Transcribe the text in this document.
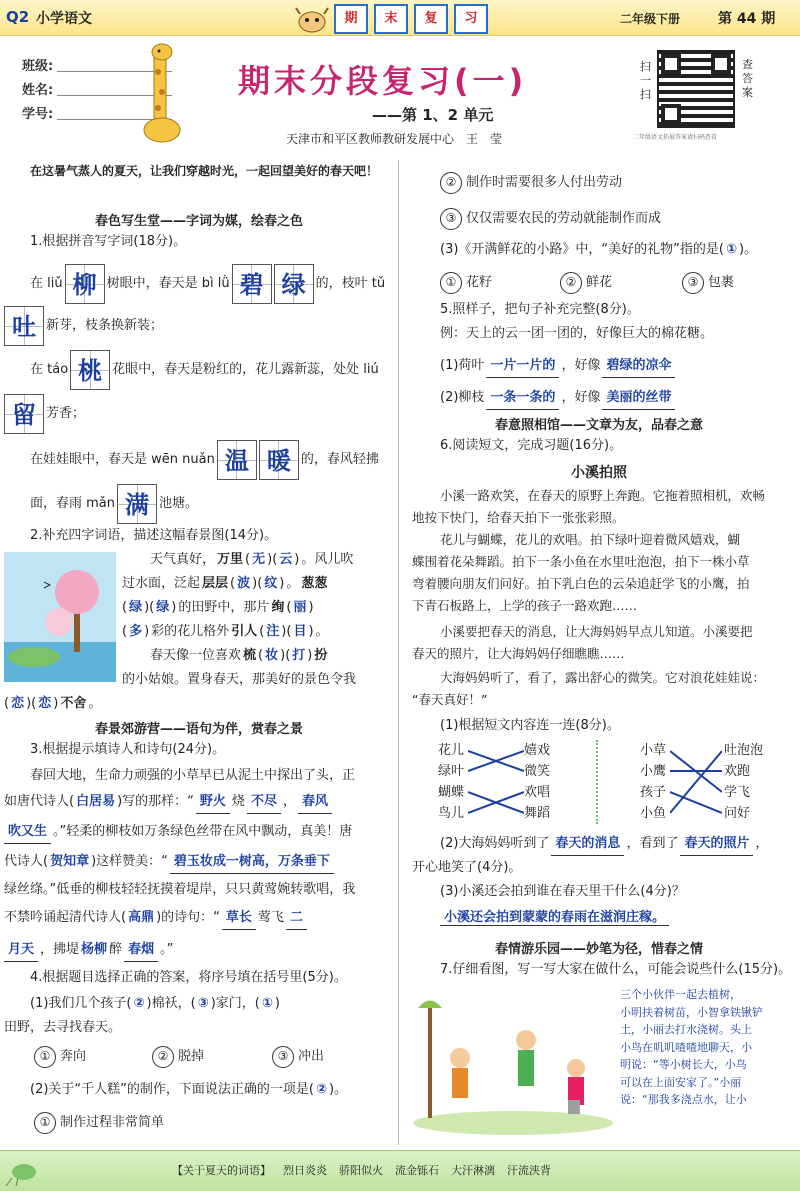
Q2 小学语文	期	末	复	习	二年级下册	第 44 期
班级:
姓名:
学号:
期末分段复习(一)
——第 1、2 单元
天津市和平区教师教研发展中心　王　莹
扫一扫
查答案
二年级语文拓展答案请扫码查看
在这暑气蒸人的夏天，让我们穿越时光，一起回望美好的春天吧！
春色写生堂——字词为媒，绘春之色
1.根据拼音写字词(18分)。
在 liǔ 柳 树眼中，春天是 bì lǜ 碧 绿 的，枝叶 tǔ
吐 新芽，枝条换新装；
在 táo 桃 花眼中，春天是粉红的，花儿露新蕊，处处 liú
留 芳香；
在娃娃眼中，春天是 wēn nuǎn 温 暖 的，春风轻拂
面，春雨 mǎn 满 池塘。
2.补充四字词语，描述这幅春景图(14分)。
天气真好， 万里 ( 无 )( 云 ) 。风儿吹
过水面，泛起 层层 ( 波 )( 纹 ) 。 葱葱
( 绿 )( 绿 ) 的田野中，那片 绚 ( 丽 )
( 多 ) 彩的花儿格外 引人 ( 注 )( 目 ) 。
春天像一位喜欢 梳 ( 妆 )( 打 ) 扮
的小姑娘。置身春天，那美好的景色令我
( 恋 )( 恋 ) 不舍 。
春景郊游营——语句为伴，赏春之景
3.根据提示填诗人和诗句(24分)。
春回大地，生命力顽强的小草早已从泥土中探出了头，正
如唐代诗人( 白居易 )写的那样：“ 野火 烧 不尽 ， 春风
吹又生 。”轻柔的柳枝如万条绿色丝带在风中飘动，真美！唐
代诗人( 贺知章 )这样赞美：“ 碧玉妆成一树高，万条垂下
绿丝绦。”低垂的柳枝轻轻抚摸着堤岸，只只黄莺婉转歌唱，我
不禁吟诵起清代诗人( 高鼎 )的诗句：“ 草长 莺飞 二
月天 ，拂堤 杨柳 醉 春烟 。”
4.根据题目选择正确的答案，将序号填在括号里(5分)。
(1)我们几个孩子( ② )棉袄，( ③ )家门，( ① )
田野，去寻找春天。
① 奔向	② 脱掉	③ 冲出
(2)关于“千人糕”的制作，下面说法正确的一项是( ② )。
① 制作过程非常简单
② 制作时需要很多人付出劳动
③ 仅仅需要农民的劳动就能制作而成
(3)《开满鲜花的小路》中，“美好的礼物”指的是( ① )。
① 花籽	② 鲜花	③ 包裹
5.照样子，把句子补充完整(8分)。
例：天上的云一团一团的，好像巨大的棉花糖。
(1)荷叶 一片一片的 ，好像 碧绿的凉伞
(2)柳枝 一条一条的 ，好像 美丽的丝带
春意照相馆——文章为友，品春之意
6.阅读短文，完成习题(16分)。
小溪拍照
小溪一路欢笑，在春天的原野上奔跑。它拖着照相机，欢畅
地按下快门，给春天拍下一张张彩照。
花儿与蝴蝶，花儿的欢唱。拍下绿叶迎着微风嬉戏，蝴
蝶围着花朵舞蹈。拍下一条小鱼在水里吐泡泡，拍下一株小草
弯着腰向朋友们问好。拍下乳白色的云朵追赶学飞的小鹰，拍
下青石板路上，上学的孩子一路欢跑……
小溪要把春天的消息，让大海妈妈早点儿知道。小溪要把
春天的照片，让大海妈妈仔细瞧瞧……
大海妈妈听了，看了，露出舒心的微笑。它对浪花娃娃说：
“春天真好！”
(1)根据短文内容连一连(8分)。
花儿
绿叶
蝴蝶
鸟儿
嬉戏
微笑
欢唱
舞蹈
小草
小鹰
孩子
小鱼
吐泡泡
欢跑
学飞
问好
(2)大海妈妈听到了 春天的消息 ，看到了 春天的照片 ，
开心地笑了(4分)。
(3)小溪还会拍到谁在春天里干什么(4分)？
小溪还会拍到蒙蒙的春雨在滋润庄稼。
春情游乐园——妙笔为径，惜春之情
7.仔细看图，写一写大家在做什么，可能会说些什么(15分)。
三个小伙伴一起去植树，
小明扶着树苗，小智拿铁锹铲
土，小丽去打水浇树。头上
小鸟在叽叽喳喳地聊天，小
明说：“等小树长大，小鸟
可以在上面安家了。”小丽
说：“那我多浇点水，让小
【关于夏天的词语】 烈日炎炎 骄阳似火 流金铄石 大汗淋漓 汗流浃背
